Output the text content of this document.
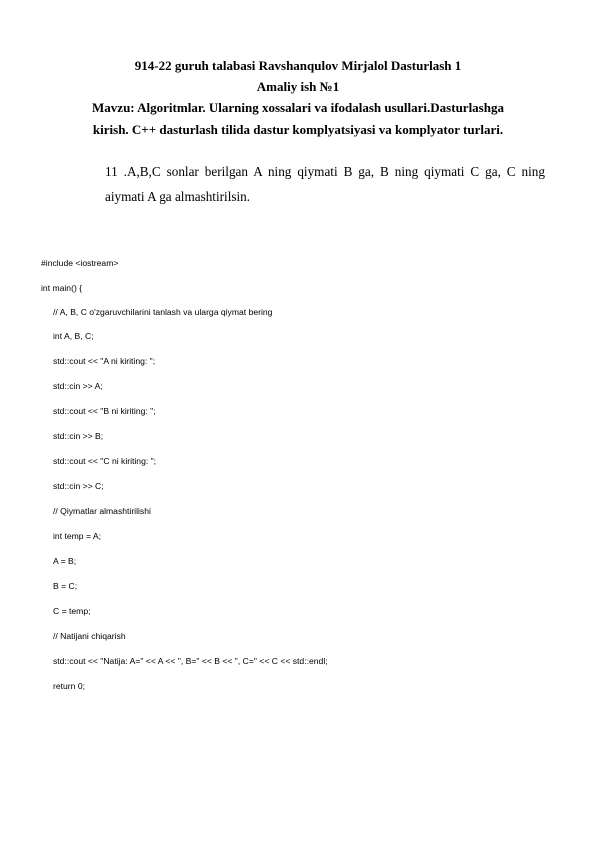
914-22 guruh talabasi Ravshanqulov Mirjalol Dasturlash 1
Amaliy ish №1
Mavzu: Algoritmlar. Ularning xossalari va ifodalash usullari.Dasturlashga
kirish. C++ dasturlash tilida dastur komplyatsiyasi va komplyator turlari.
11 .A,B,C sonlar berilgan A ning qiymati B ga, B ning qiymati C ga, C ning
aiymati A ga almashtirilsin.
#include <iostream>
int main() {
// A, B, C o'zgaruvchilarini tanlash va ularga qiymat bering
int A, B, C;
std::cout << "A ni kiriting: ";
std::cin >> A;
std::cout << "B ni kiriting: ";
std::cin >> B;
std::cout << "C ni kiriting: ";
std::cin >> C;
// Qiymatlar almashtirilishi
int temp = A;
A = B;
B = C;
C = temp;
// Natijani chiqarish
std::cout << "Natija: A=" << A << ", B=" << B << ", C=" << C << std::endl;
return 0;
